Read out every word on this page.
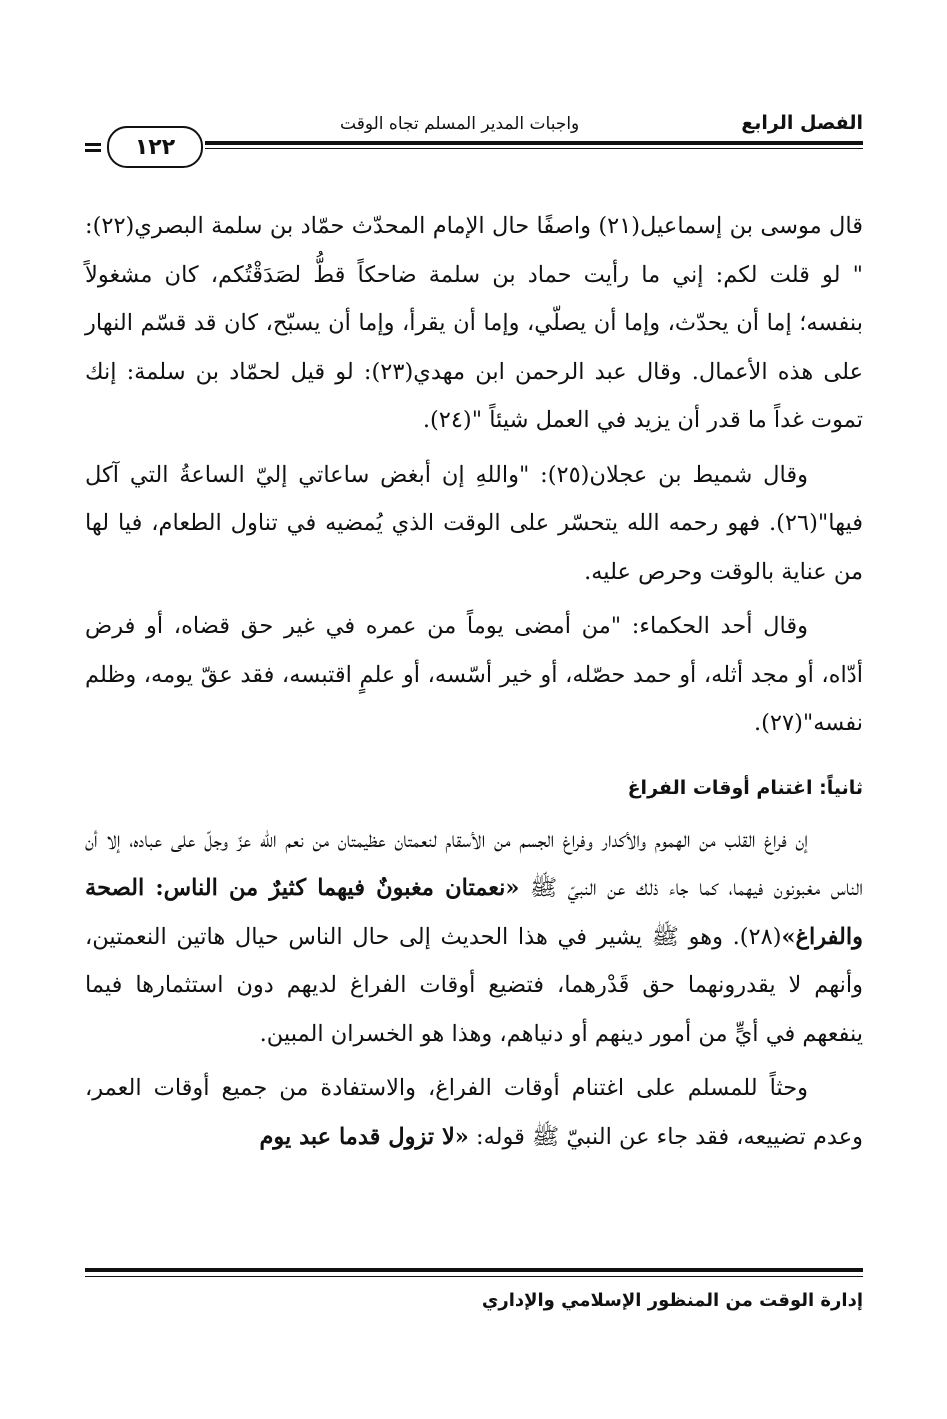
الفصل الرابع
واجبات المدير المسلم تجاه الوقت
١٢٢

قال موسى بن إسماعيل(٢١) واصفًا حال الإمام المحدّث حمّاد بن سلمة البصري(٢٢): " لو قلت لكم: إني ما رأيت حماد بن سلمة ضاحكاً قطُّ لصَدَقْتُكم، كان مشغولاً بنفسه؛ إما أن يحدّث، وإما أن يصلّي، وإما أن يقرأ، وإما أن يسبّح، كان قد قسّم النهار على هذه الأعمال. وقال عبد الرحمن ابن مهدي(٢٣): لو قيل لحمّاد بن سلمة: إنك تموت غداً ما قدر أن يزيد في العمل شيئاً "(٢٤).

وقال شميط بن عجلان(٢٥): "واللهِ إن أبغض ساعاتي إليّ الساعةُ التي آكل فيها"(٢٦). فهو رحمه الله يتحسّر على الوقت الذي يُمضيه في تناول الطعام، فيا لها من عناية بالوقت وحرص عليه.

وقال أحد الحكماء: "من أمضى يوماً من عمره في غير حق قضاه، أو فرض أدّاه، أو مجد أثله، أو حمد حصّله، أو خير أسّسه، أو علمٍ اقتبسه، فقد عقّ يومه، وظلم نفسه"(٢٧).

ثانياً: اغتنام أوقات الفراغ

إن فراغ القلب من الهموم والأكدار وفراغ الجسم من الأسقام لنعمتان عظيمتان من نعم الله عزّ وجلّ على عباده، إلا أن الناس مغبونون فيهما، كما جاء ذلك عن النبيّ ﷺ «نعمتان مغبونٌ فيهما كثيرٌ من الناس: الصحة والفراغ»(٢٨). وهو ﷺ يشير في هذا الحديث إلى حال الناس حيال هاتين النعمتين، وأنهم لا يقدرونهما حق قَدْرهما، فتضيع أوقات الفراغ لديهم دون استثمارها فيما ينفعهم في أيٍّ من أمور دينهم أو دنياهم، وهذا هو الخسران المبين.

وحثاً للمسلم على اغتنام أوقات الفراغ، والاستفادة من جميع أوقات العمر، وعدم تضييعه، فقد جاء عن النبيّ ﷺ قوله: «لا تزول قدما عبد يوم

إدارة الوقت من المنظور الإسلامي والإداري
